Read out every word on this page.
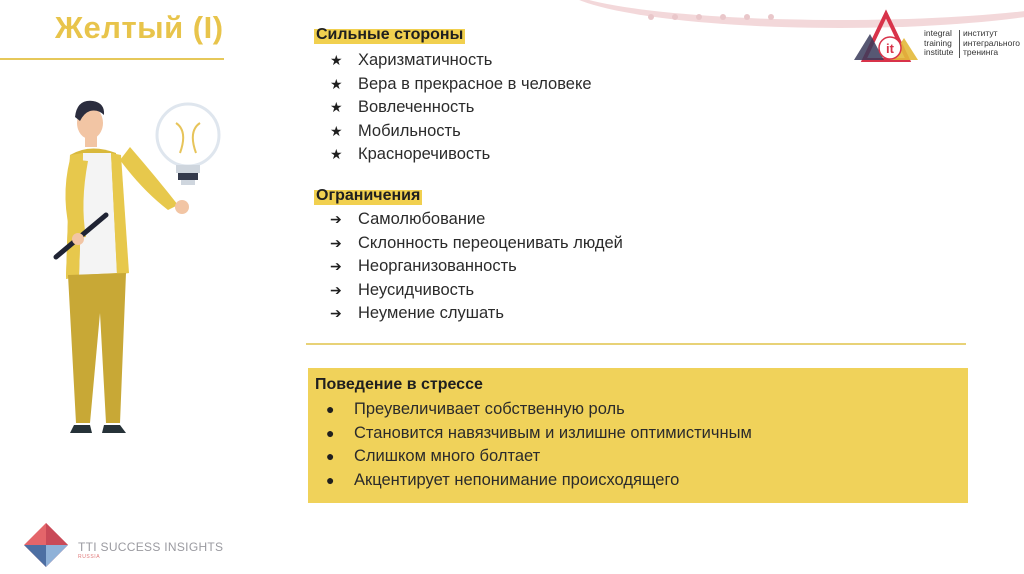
Желтый (I)
it
integral
training
institute
институт
интегрального
тренинга
Сильные стороны
★ Харизматичность
★ Вера в прекрасное в человеке
★ Вовлеченность
★ Мобильность
★ Красноречивость
Ограничения
➔ Самолюбование
➔ Склонность переоценивать людей
➔ Неорганизованность
➔ Неусидчивость
➔ Неумение слушать
Поведение в стрессе
●	Преувеличивает собственную роль
●	Становится навязчивым и излишне оптимистичным
●	Слишком много болтает
●	Акцентирует непонимание происходящего
TTI SUCCESS INSIGHTS
RUSSIA
